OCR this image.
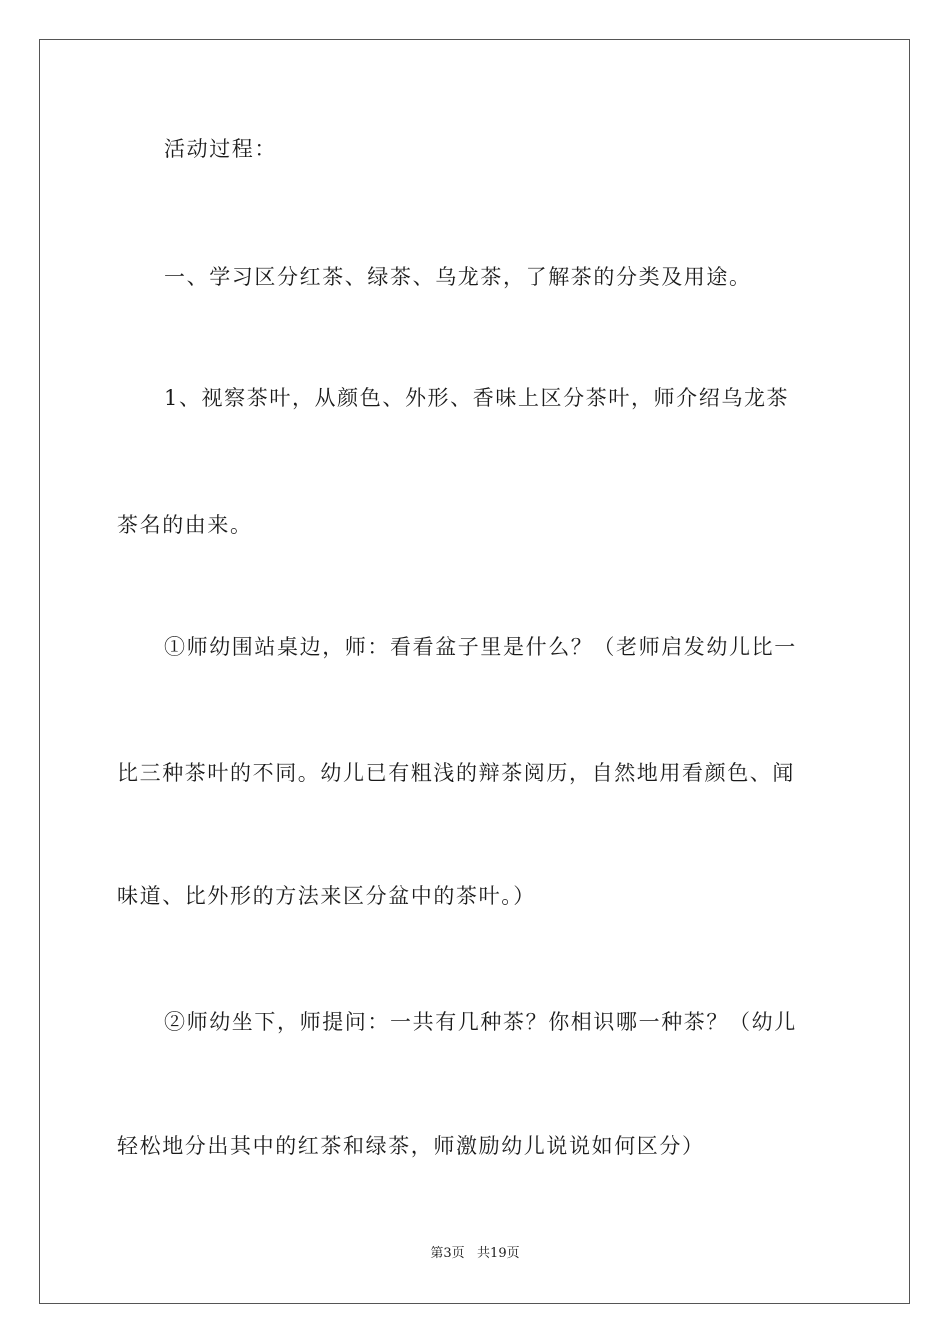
活动过程：
一、学习区分红茶、绿茶、乌龙茶，了解茶的分类及用途。
1、视察茶叶，从颜色、外形、香味上区分茶叶，师介绍乌龙茶
茶名的由来。
①师幼围站桌边，师：看看盆子里是什么？（老师启发幼儿比一
比三种茶叶的不同。幼儿已有粗浅的辩茶阅历，自然地用看颜色、闻
味道、比外形的方法来区分盆中的茶叶。）
②师幼坐下，师提问：一共有几种茶？你相识哪一种茶？（幼儿
轻松地分出其中的红茶和绿茶，师激励幼儿说说如何区分）
第3页   共19页
